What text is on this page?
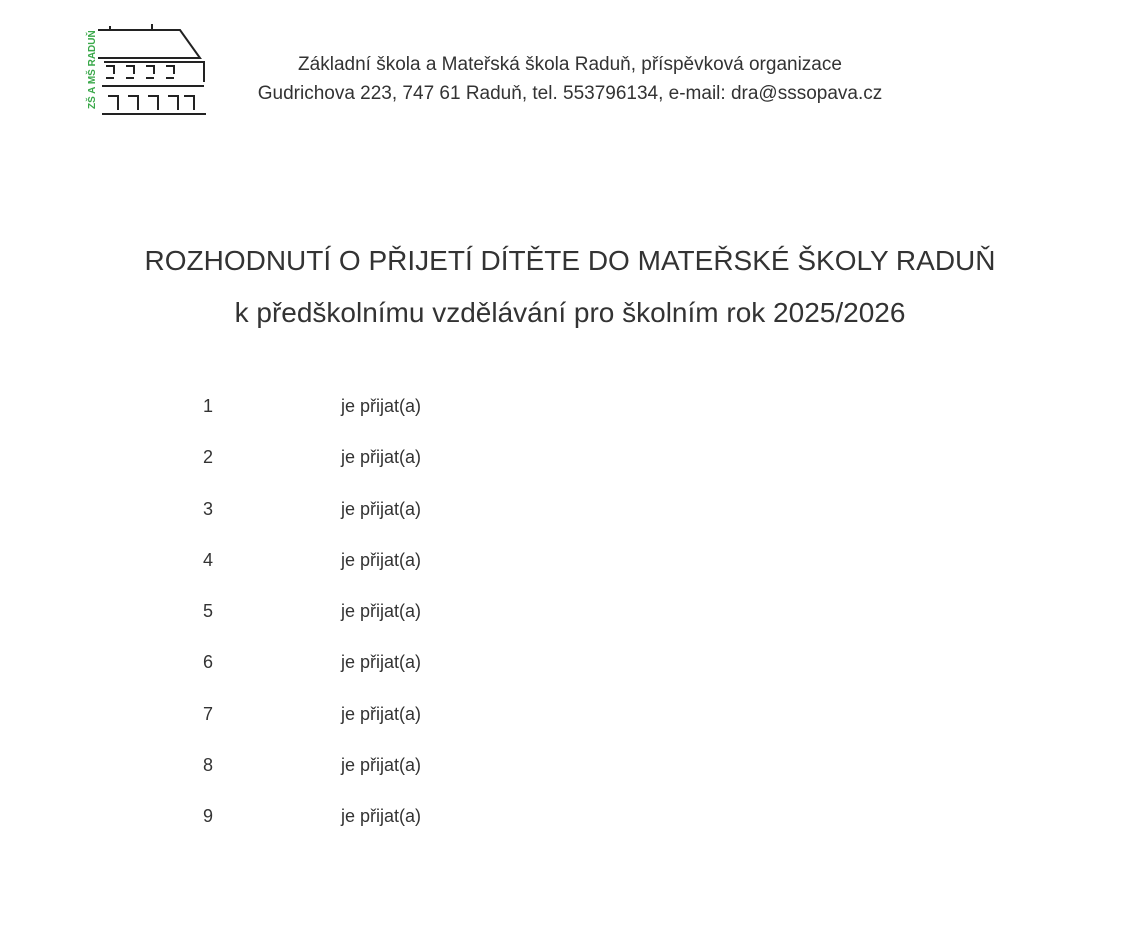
ZŠ A MŠ RADUŇ	Základní škola a Mateřská škola Raduň, příspěvková organizace
Gudrichova 223, 747 61 Raduň, tel. 553796134, e-mail: dra@sssopava.cz
ROZHODNUTÍ O PŘIJETÍ DÍTĚTE DO MATEŘSKÉ ŠKOLY RADUŇ
k předškolnímu vzdělávání pro školním rok 2025/2026
1	je přijat(a)
2	je přijat(a)
3	je přijat(a)
4	je přijat(a)
5	je přijat(a)
6	je přijat(a)
7	je přijat(a)
8	je přijat(a)
9	je přijat(a)
